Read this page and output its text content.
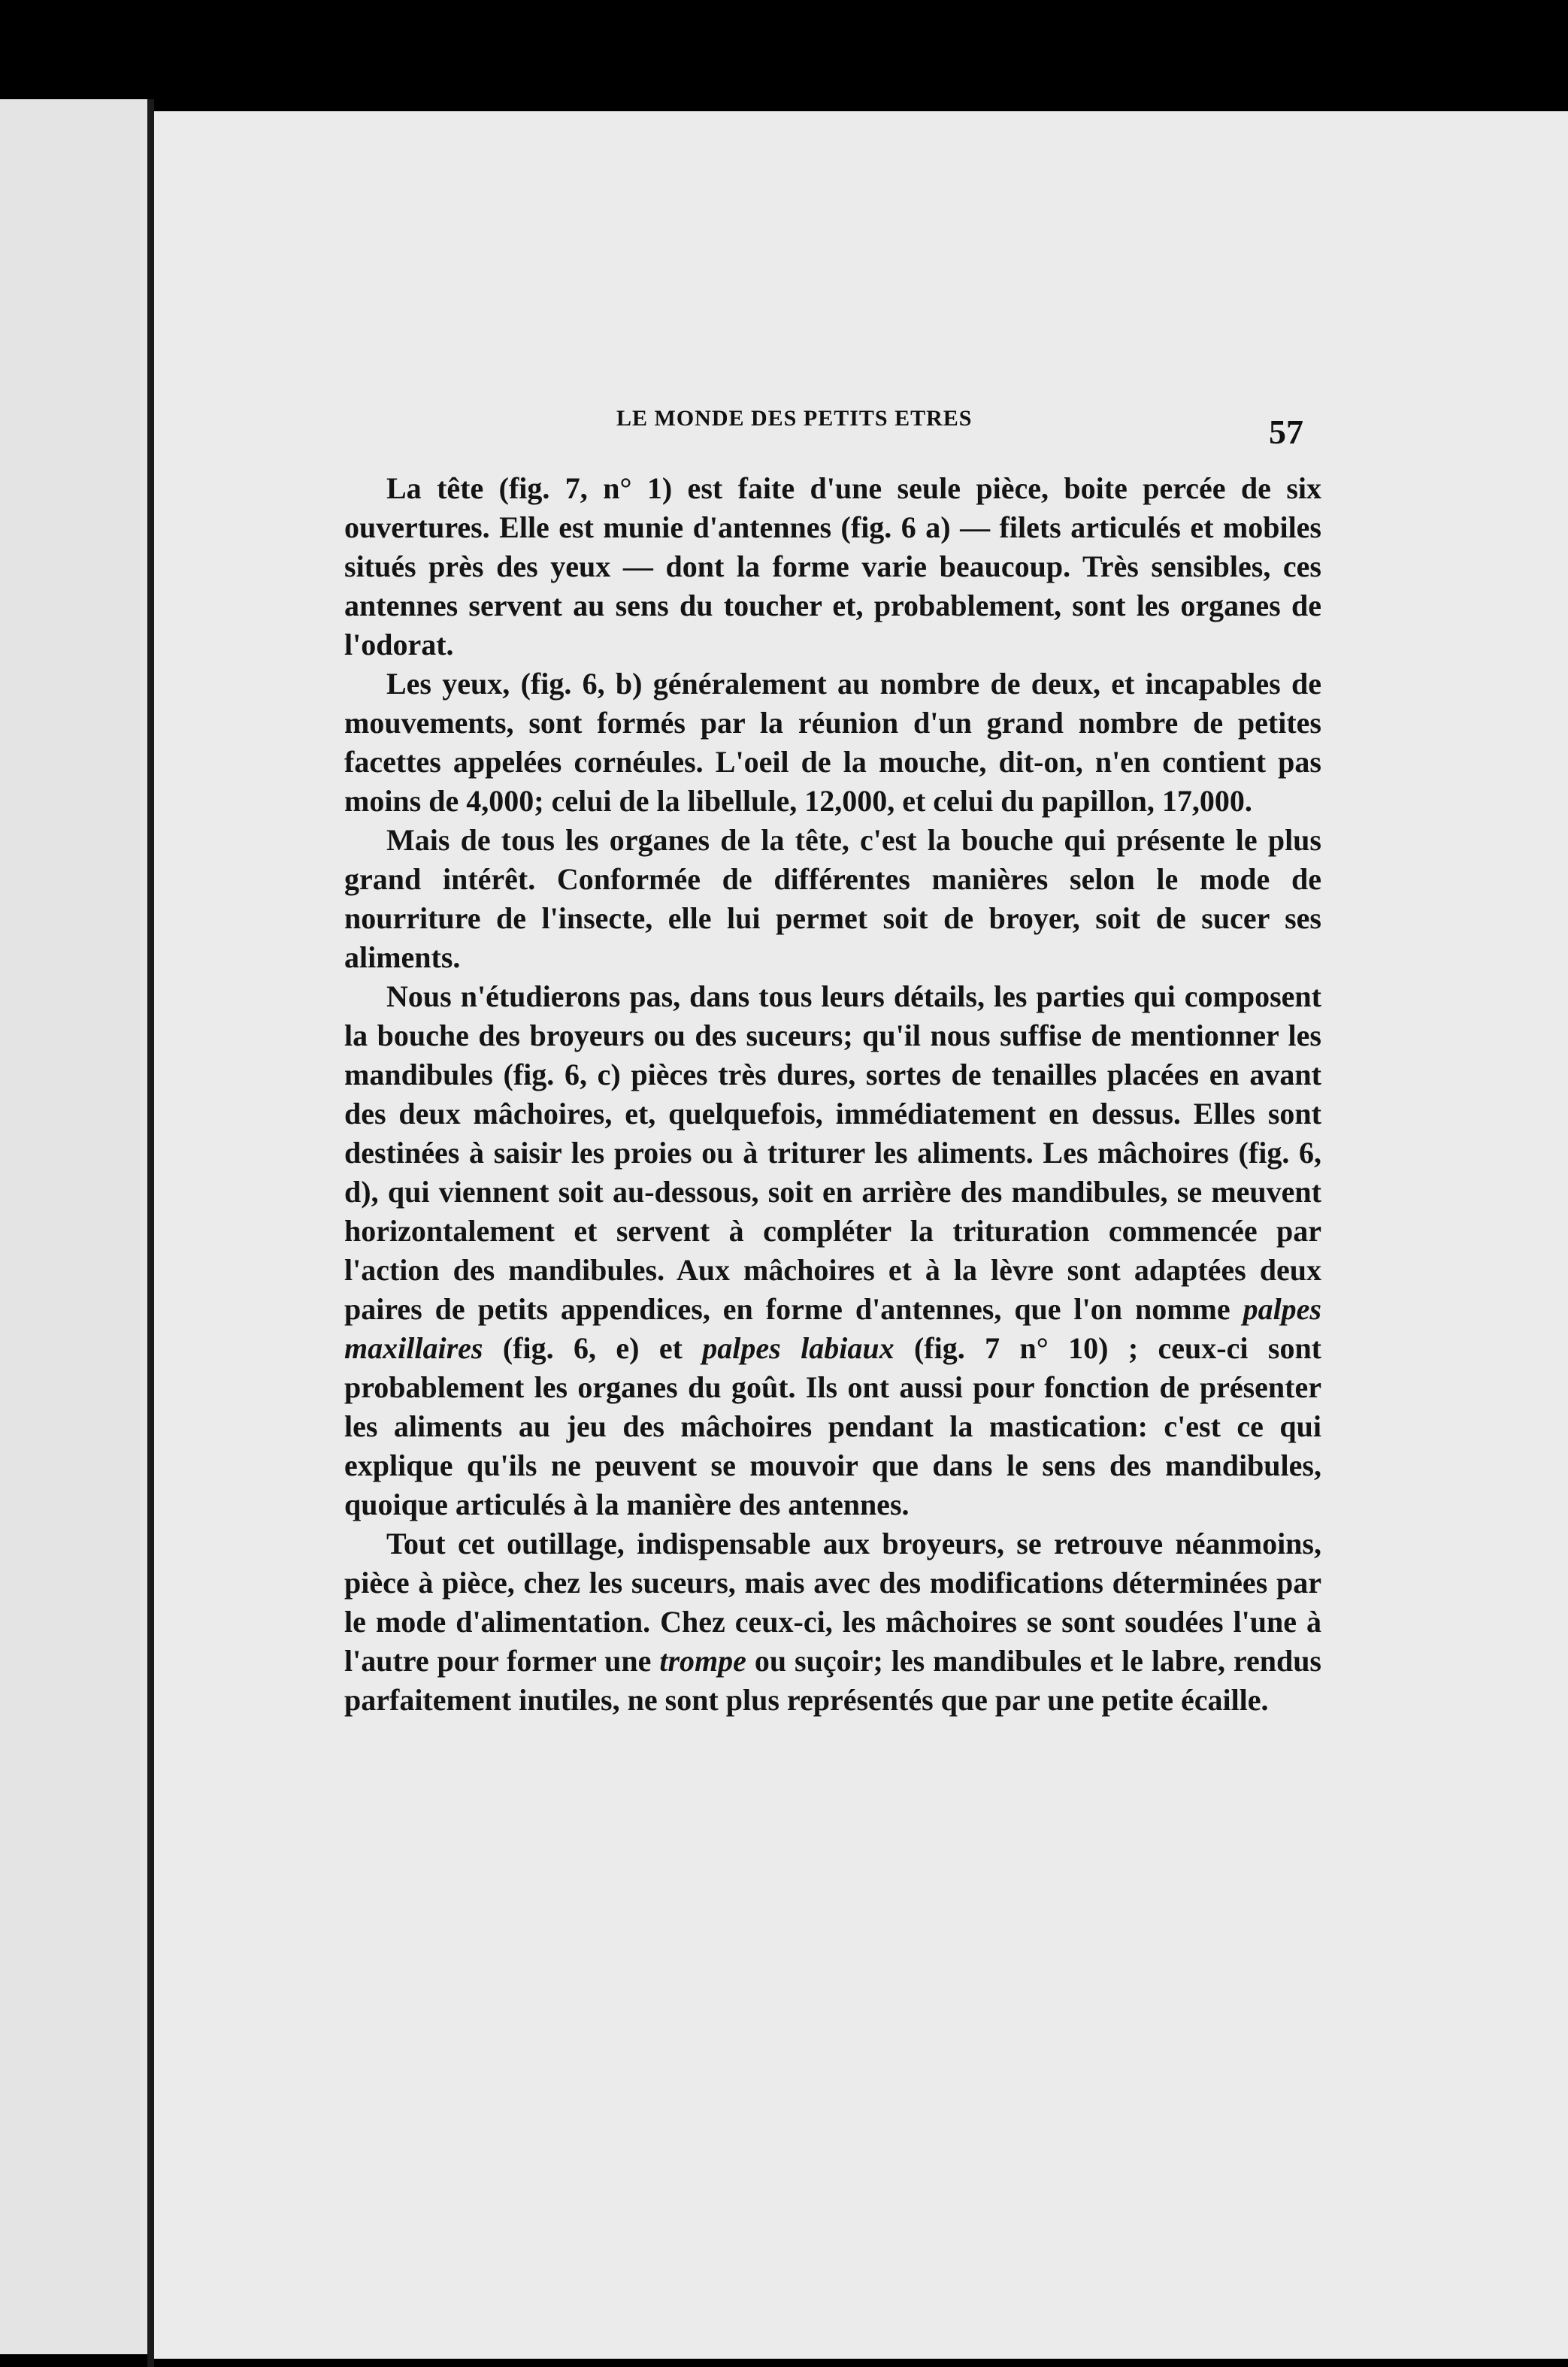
LE MONDE DES PETITS ETRES	57

La tête (fig. 7, n° 1) est faite d'une seule pièce, boite percée de six ouvertures. Elle est munie d'antennes (fig. 6 a) — filets articulés et mobiles situés près des yeux — dont la forme varie beaucoup. Très sensibles, ces antennes servent au sens du toucher et, probablement, sont les organes de l'odorat.

Les yeux, (fig. 6, b) généralement au nombre de deux, et incapables de mouvements, sont formés par la réunion d'un grand nombre de petites facettes appelées cornéules. L'oeil de la mouche, dit-on, n'en contient pas moins de 4,000; celui de la libellule, 12,000, et celui du papillon, 17,000.

Mais de tous les organes de la tête, c'est la bouche qui présente le plus grand intérêt. Conformée de différentes manières selon le mode de nourriture de l'insecte, elle lui permet soit de broyer, soit de sucer ses aliments.

Nous n'étudierons pas, dans tous leurs détails, les parties qui composent la bouche des broyeurs ou des suceurs; qu'il nous suffise de mentionner les mandibules (fig. 6, c) pièces très dures, sortes de tenailles placées en avant des deux mâchoires, et, quelquefois, immédiatement en dessus. Elles sont destinées à saisir les proies ou à triturer les aliments. Les mâchoires (fig. 6, d), qui viennent soit au-dessous, soit en arrière des mandibules, se meuvent horizontalement et servent à compléter la trituration commencée par l'action des mandibules. Aux mâchoires et à la lèvre sont adaptées deux paires de petits appendices, en forme d'antennes, que l'on nomme palpes maxillaires (fig. 6, e) et palpes labiaux (fig. 7 n° 10) ; ceux-ci sont probablement les organes du goût. Ils ont aussi pour fonction de présenter les aliments au jeu des mâchoires pendant la mastication: c'est ce qui explique qu'ils ne peuvent se mouvoir que dans le sens des mandibules, quoique articulés à la manière des antennes.

Tout cet outillage, indispensable aux broyeurs, se retrouve néanmoins, pièce à pièce, chez les suceurs, mais avec des modifications déterminées par le mode d'alimentation. Chez ceux-ci, les mâchoires se sont soudées l'une à l'autre pour former une trompe ou suçoir; les mandibules et le labre, rendus parfaitement inutiles, ne sont plus représentés que par une petite écaille.
